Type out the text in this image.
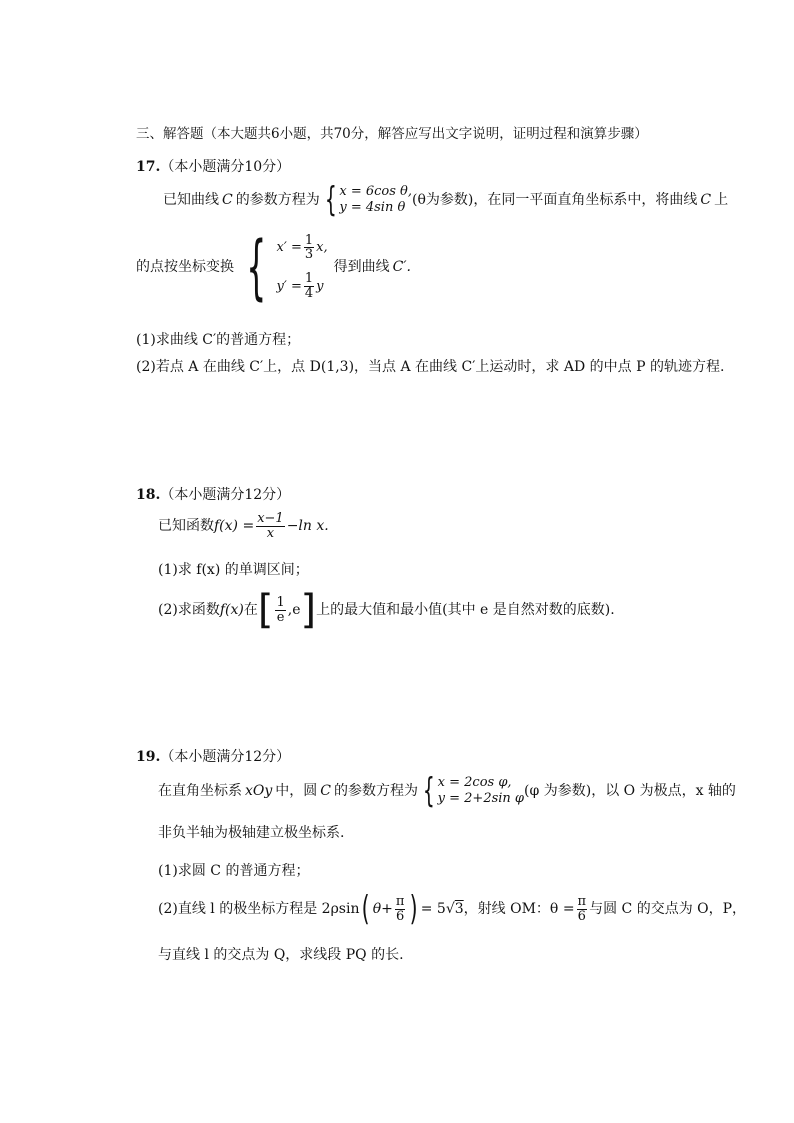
三、解答题（本大题共6小题，共70分，解答应写出文字说明，证明过程和演算步骤）
17.（本小题满分10分）
已知曲线 C 的参数方程为 { x = 6cos θ,
y = 4sin θ (θ为参数)，在同一平面直角坐标系中，将曲线 C 上
的点按坐标变换 { $x' = \frac{1}{3} x$,
$y' = \frac{1}{4}$ y
得到曲线 C′.
(1)求曲线 C′的普通方程；
(2)若点 A 在曲线 C′上，点 D(1,3)，当点 A 在曲线 C′上运动时，求 AD 的中点 P 的轨迹方程.
18.（本小题满分12分）
已知函数 $f(x) = \frac{x-1}{x} -\ln$ x.
(1)求 f(x) 的单调区间；
(2)求函数 f(x) 在 [ $\frac{1}{e} ,e$ ] 上的最大值和最小值(其中 e 是自然对数的底数).
19.（本小题满分12分）
在直角坐标系 xOy 中，圆 C 的参数方程为 { x = 2cos φ,
y = 2+2sin φ (φ 为参数)，以 O 为极点，x 轴的
非负半轴为极轴建立极坐标系.
(1)求圆 C 的普通方程；
(2)直线 l 的极坐标方程是 2ρsin ( $\theta+ \frac{\pi}{6}$ ) = 5 √3 ，射线 OM：$\theta = \frac{\pi}{6}$ 与圆 C 的交点为 O，P，
与直线 l 的交点为 Q，求线段 PQ 的长.
